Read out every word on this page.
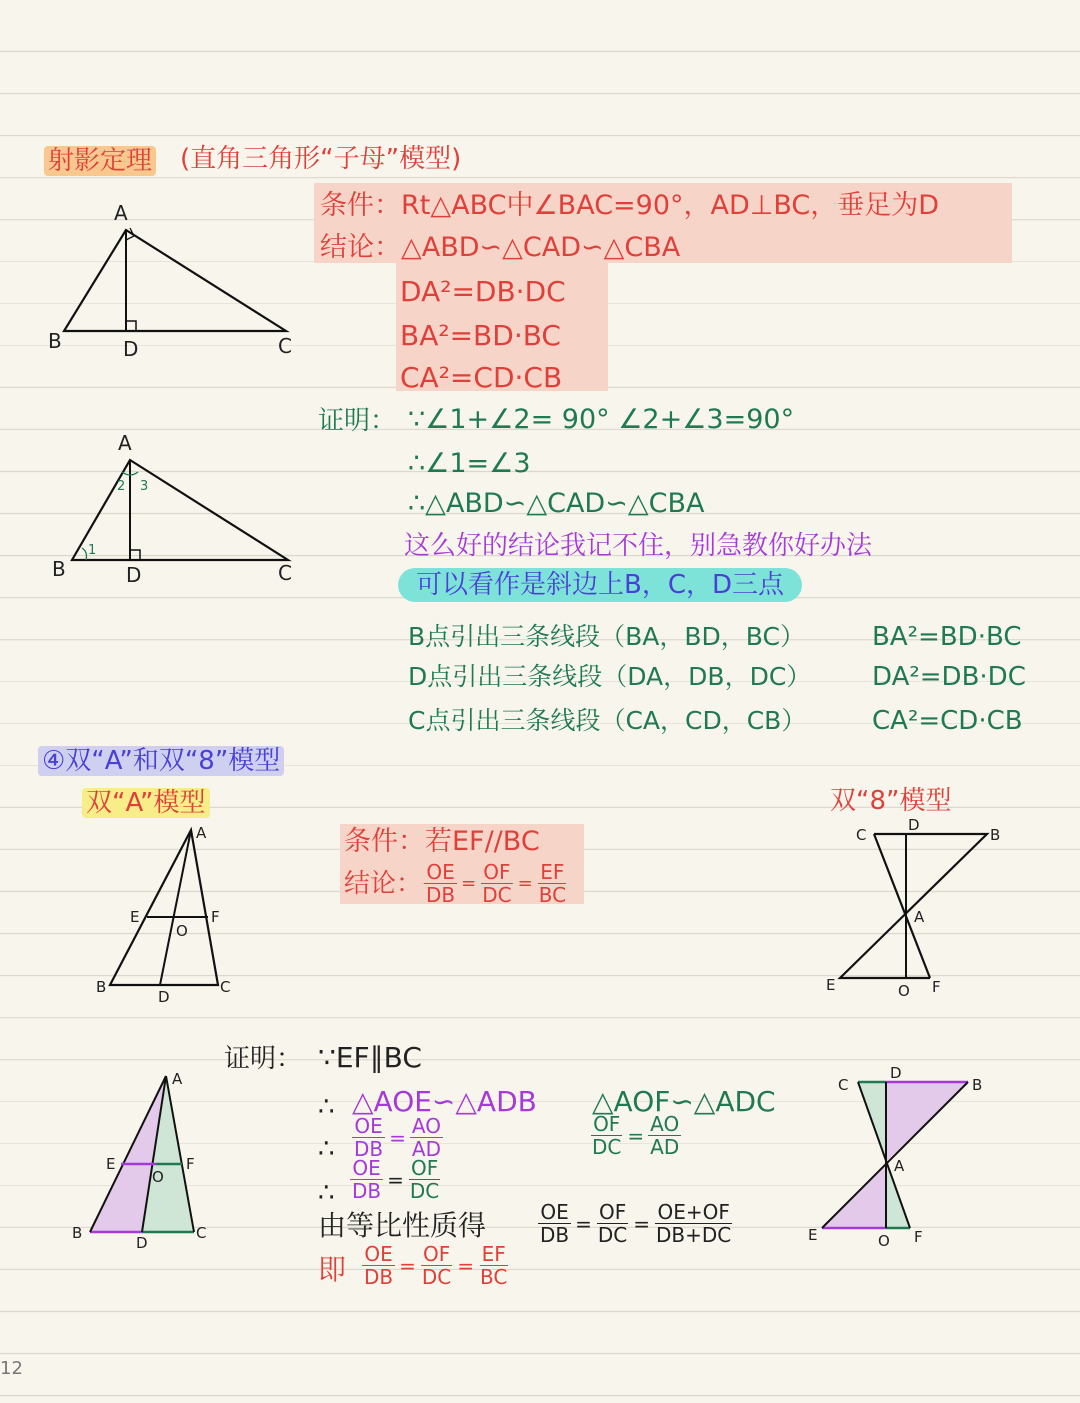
射影定理 (直角三角形“子母”模型)
条件：Rt△ABC中∠BAC=90°，AD⊥BC，垂足为D
结论：△ABD∽△CAD∽△CBA
DA²=DB·DC
BA²=BD·BC
CA²=CD·CB
A
B	D	C
A
B	D	C
1
2 3
证明： ∵∠1+∠2= 90° ∠2+∠3=90°
∴∠1=∠3
∴△ABD∽△CAD∽△CBA
这么好的结论我记不住，别急教你好办法
可以看作是斜边上B，C，D三点
B点引出三条线段（BA，BD，BC）	BA²=BD·BC
D点引出三条线段（DA，DB，DC） DA²=DB·DC
C点引出三条线段（CA，CD，CB）	CA²=CD·CB
④双“A”和双“8”模型
双“A”模型	双“8”模型
条件：若EF//BC
结论： $\frac{OE}{DB} = \frac{OF}{DC} = \frac{EF}{BC}$
A
E	F
O
B
D
C
C
D
B
A
E	O F
证明： ∵EF∥BC
∴ △AOE∽△ADB △AOF∽△ADC
∴ $\frac{OE}{DB} = \frac{AO}{AD}$	$\frac{OF}{DC} = \frac{AO}{AD}$
∴ $\frac{OE}{DB} = \frac{OF}{DC}$
由等比性质得	$\frac{OE}{DB} = \frac{OF}{DC} = \frac{OE+OF}{DB+DC}$
即 $\frac{OE}{DB} = \frac{OF}{DC} = \frac{EF}{BC}$
A
E	F
O
B
D
C
C
D
B
A
E	O F
12
